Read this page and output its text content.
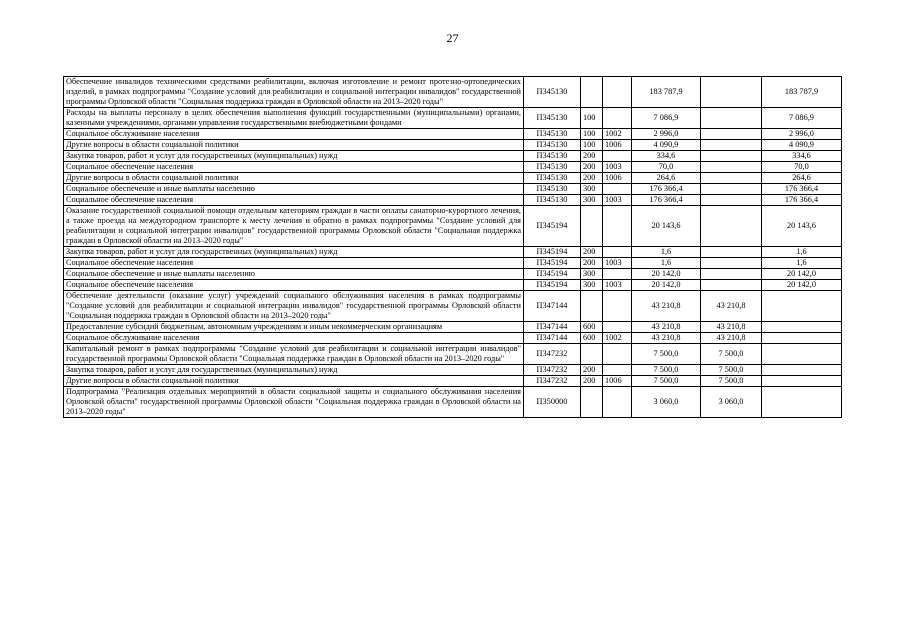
27
Обеспечение инвалидов техническими средствами реабилитации, включая изготовление и ремонт протезно-ортопедических изделий, в рамках подпрограммы "Создание условий для реабилитации и социальной интеграции инвалидов" государственной программы Орловской области "Социальная поддержка граждан в Орловской области на 2013–2020 годы"	П345130			183 787,9		183 787,9
Расходы на выплаты персоналу в целях обеспечения выполнения функций государственными (муниципальными) органами, казенными учреждениями, органами управления государственными внебюджетными фондами	П345130	100		7 086,9		7 086,9
Социальное обслуживание населения	П345130	100	1002	2 996,0		2 996,0
Другие вопросы в области социальной политики	П345130	100	1006	4 090,9		4 090,9
Закупка товаров, работ и услуг для государственных (муниципальных) нужд	П345130	200		334,6		334,6
Социальное обеспечение населения	П345130	200	1003	70,0		70,0
Другие вопросы в области социальной политики	П345130	200	1006	264,6		264,6
Социальное обеспечение и иные выплаты населению	П345130	300		176 366,4		176 366,4
Социальное обеспечение населения	П345130	300	1003	176 366,4		176 366,4
Оказание государственной социальной помощи отдельным категориям граждан в части оплаты санаторно-курортного лечения, а также проезда на междугородном транспорте к месту лечения и обратно в рамках подпрограммы "Создание условий для реабилитации и социальной интеграции инвалидов" государственной программы Орловской области "Социальная поддержка граждан в Орловской области на 2013–2020 годы"	П345194			20 143,6		20 143,6
Закупка товаров, работ и услуг для государственных (муниципальных) нужд	П345194	200		1,6		1,6
Социальное обеспечение населения	П345194	200	1003	1,6		1,6
Социальное обеспечение и иные выплаты населению	П345194	300		20 142,0		20 142,0
Социальное обеспечение населения	П345194	300	1003	20 142,0		20 142,0
Обеспечение деятельности (оказание услуг) учреждений социального обслуживания населения в рамках подпрограммы "Создание условий для реабилитации и социальной интеграции инвалидов" государственной программы Орловской области "Социальная поддержка граждан в Орловской области на 2013–2020 годы"	П347144			43 210,8	43 210,8	
Предоставление субсидий бюджетным, автономным учреждениям и иным некоммерческим организациям	П347144	600		43 210,8	43 210,8	
Социальное обслуживание населения	П347144	600	1002	43 210,8	43 210,8	
Капитальный ремонт в рамках подпрограммы "Создание условий для реабилитации и социальной интеграции инвалидов" государственной программы Орловской области "Социальная поддержка граждан в Орловской области на 2013–2020 годы"	П347232			7 500,0	7 500,0	
Закупка товаров, работ и услуг для государственных (муниципальных) нужд	П347232	200		7 500,0	7 500,0	
Другие вопросы в области социальной политики	П347232	200	1006	7 500,0	7 500,0	
Подпрограмма "Реализация отдельных мероприятий в области социальной защиты и социального обслуживания населения Орловской области" государственной программы Орловской области "Социальная поддержка граждан в Орловской области на 2013–2020 годы"	П350000			3 060,0	3 060,0	
